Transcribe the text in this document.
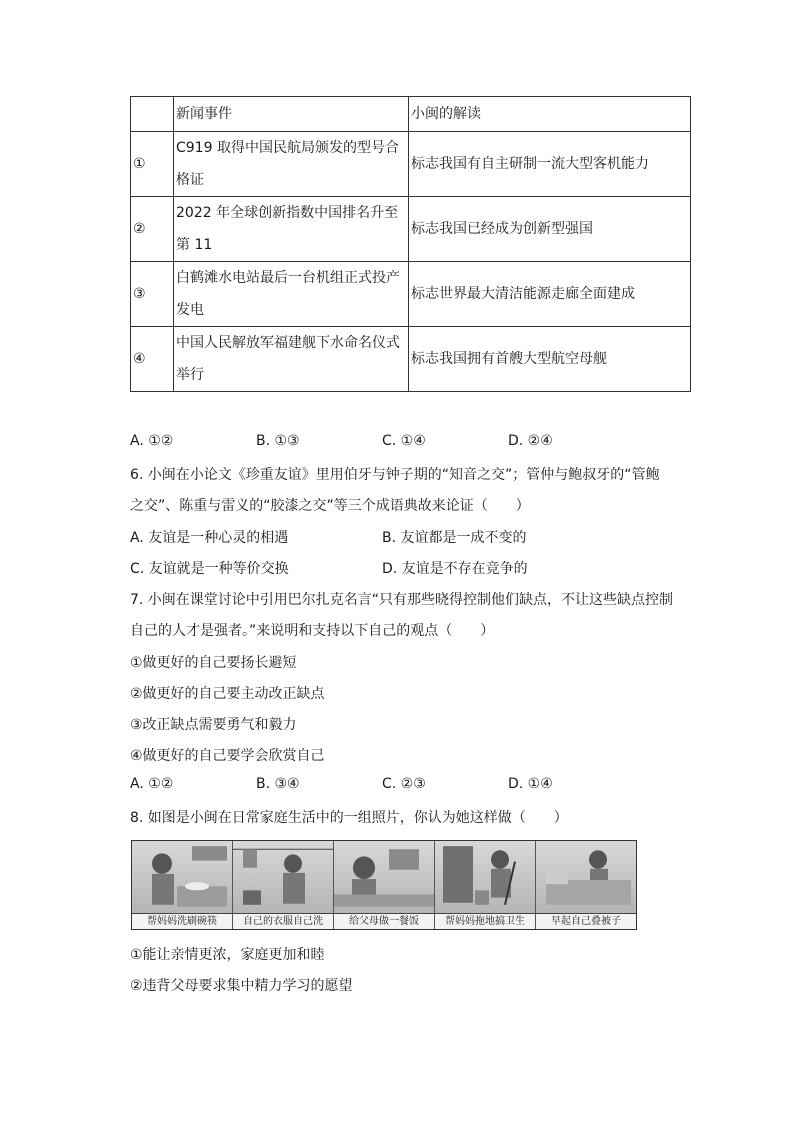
	新闻事件	小闽的解读
①	C919 取得中国民航局颁发的型号合格证	标志我国有自主研制一流大型客机能力
②	2022 年全球创新指数中国排名升至第 11	标志我国已经成为创新型强国
③	白鹤滩水电站最后一台机组正式投产发电	标志世界最大清洁能源走廊全面建成
④	中国人民解放军福建舰下水命名仪式举行	标志我国拥有首艘大型航空母舰
A. ①②	B. ①③	C. ①④	D. ②④
6. 小闽在小论文《珍重友谊》里用伯牙与钟子期的“知音之交”；管仲与鲍叔牙的“管鲍
之交”、陈重与雷义的“胶漆之交”等三个成语典故来论证（　　）
A. 友谊是一种心灵的相遇	B. 友谊都是一成不变的
C. 友谊就是一种等价交换	D. 友谊是不存在竞争的
7. 小闽在课堂讨论中引用巴尔扎克名言“只有那些晓得控制他们缺点，不让这些缺点控制
自己的人才是强者。”来说明和支持以下自己的观点（　　）
①做更好的自己要扬长避短
②做更好的自己要主动改正缺点
③改正缺点需要勇气和毅力
④做更好的自己要学会欣赏自己
A. ①②	B. ③④	C. ②③	D. ①④
8. 如图是小闽在日常家庭生活中的一组照片，你认为她这样做（　　）
帮妈妈洗刷碗筷	自己的衣服自己洗	给父母做一餐饭	帮妈妈拖地搞卫生	早起自己叠被子
①能让亲情更浓，家庭更加和睦
②违背父母要求集中精力学习的愿望
